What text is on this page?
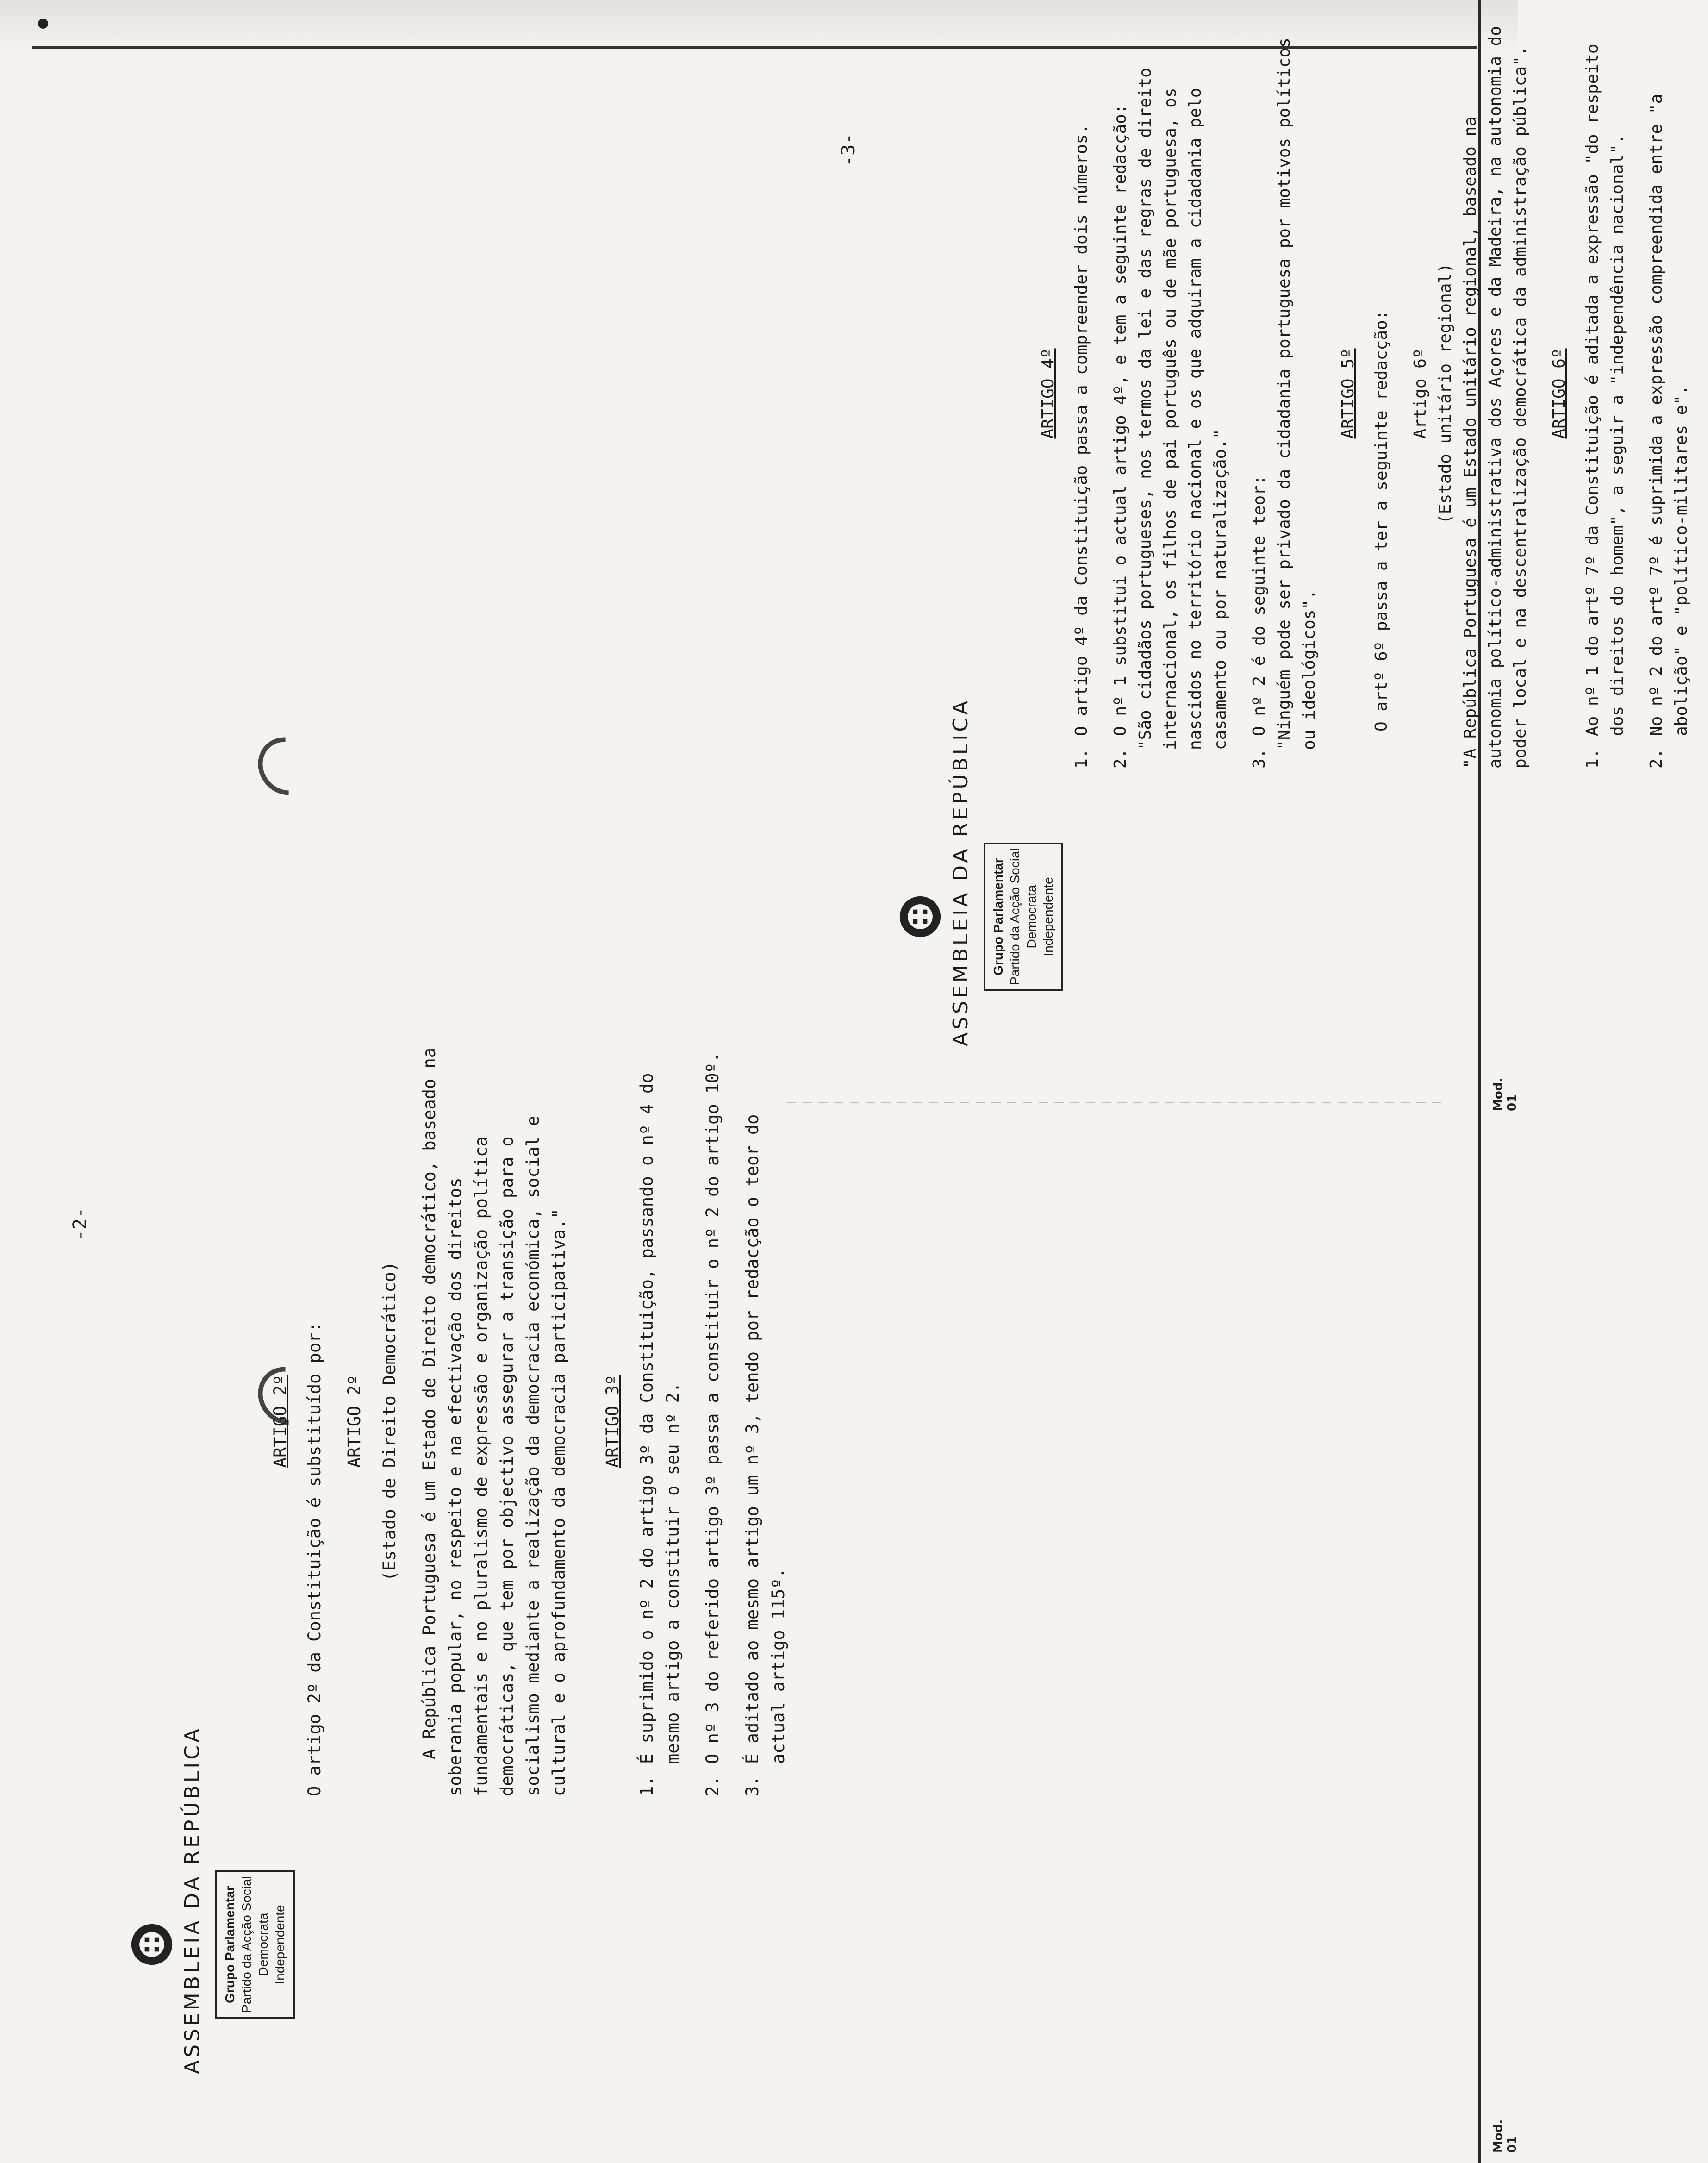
Mod. 01
Mod. 01
-2-
ASSEMBLEIA DA REPÚBLICA Grupo Parlamentar Partido da Acção Social Democrata Independente
ARTIGO 2º O artigo 2º da Constituição é substituído por: ARTIGO 2º (Estado de Direito Democrático) A República Portuguesa é um Estado de Direito democrático, baseado na soberania popular, no respeito e na efectivação dos direitos fundamentais e no pluralismo de expressão e organização política democráticas, que tem por objectivo assegurar a transição para o socialismo mediante a realização da democracia económica, social e cultural e o aprofundamento da democracia participativa." ARTIGO 3º
1.
É suprimido o nº 2 do artigo 3º da Constituição, passando o nº 4 do mesmo artigo a constituir o seu nº 2.
2.
O nº 3 do referido artigo 3º passa a constituir o nº 2 do artigo 10º.
3.
É aditado ao mesmo artigo um nº 3, tendo por redacção o teor do actual artigo 115º.
-3-
ASSEMBLEIA DA REPÚBLICA Grupo Parlamentar Partido da Acção Social Democrata Independente
ARTIGO 4º
1.
O artigo 4º da Constituição passa a compreender dois números.
2.
O nº 1 substitui o actual artigo 4º, e tem a seguinte redacção: "São cidadãos portugueses, nos termos da lei e das regras de direito internacional, os filhos de pai português ou de mãe portuguesa, os nascidos no território nacional e os que adquiram a cidadania pelo casamento ou por naturalização."
3.
O nº 2 é do seguinte teor: "Ninguém pode ser privado da cidadania portuguesa por motivos políticos ou ideológicos".
ARTIGO 5º O artº 6º passa a ter a seguinte redacção: Artigo 6º (Estado unitário regional) "A República Portuguesa é um Estado unitário regional, baseado na autonomia político-administrativa dos Açores e da Madeira, na autonomia do poder local e na descentralização democrática da administração pública". ARTIGO 6º
1.
Ao nº 1 do artº 7º da Constituição é aditada a expressão "do respeito dos direitos do homem", a seguir a "independência nacional".
2.
No nº 2 do artº 7º é suprimida a expressão compreendida entre "a abolição" e "político-militares e".
